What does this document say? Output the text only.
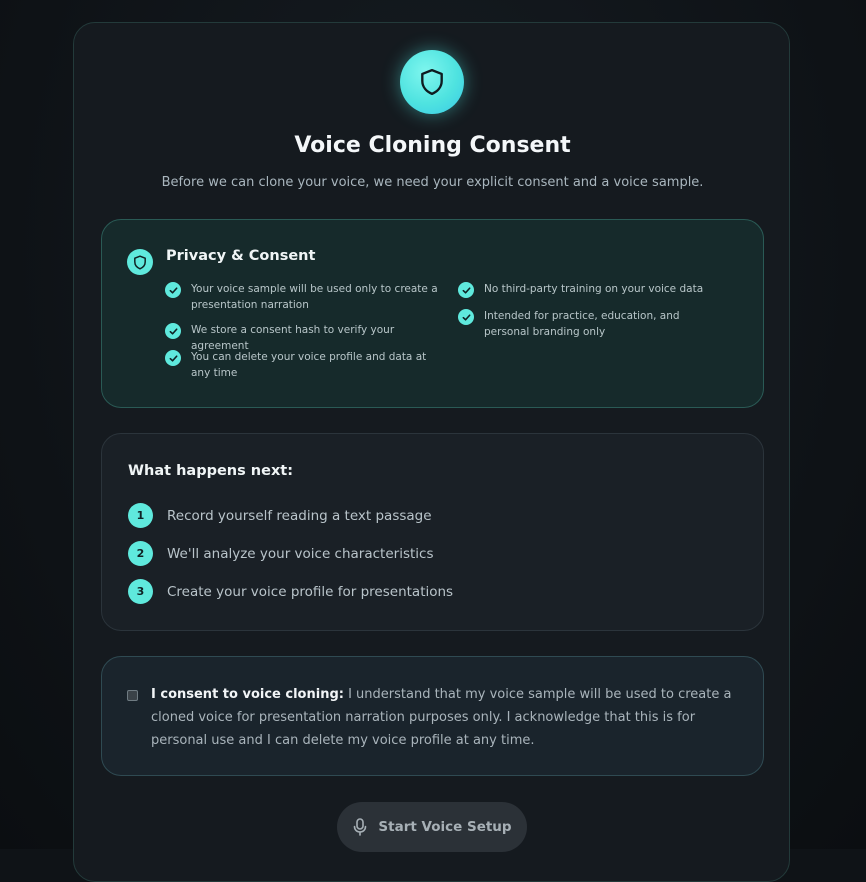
Voice Cloning Consent
Before we can clone your voice, we need your explicit consent and a voice sample.
Privacy & Consent
Your voice sample will be used only to create a presentation narration
We store a consent hash to verify your agreement
You can delete your voice profile and data at any time
No third-party training on your voice data
Intended for practice, education, and personal branding only
What happens next:
1	Record yourself reading a text passage
2	We'll analyze your voice characteristics
3	Create your voice profile for presentations
I consent to voice cloning: I understand that my voice sample will be used to create a cloned voice for presentation narration purposes only. I acknowledge that this is for personal use and I can delete my voice profile at any time.
Start Voice Setup
